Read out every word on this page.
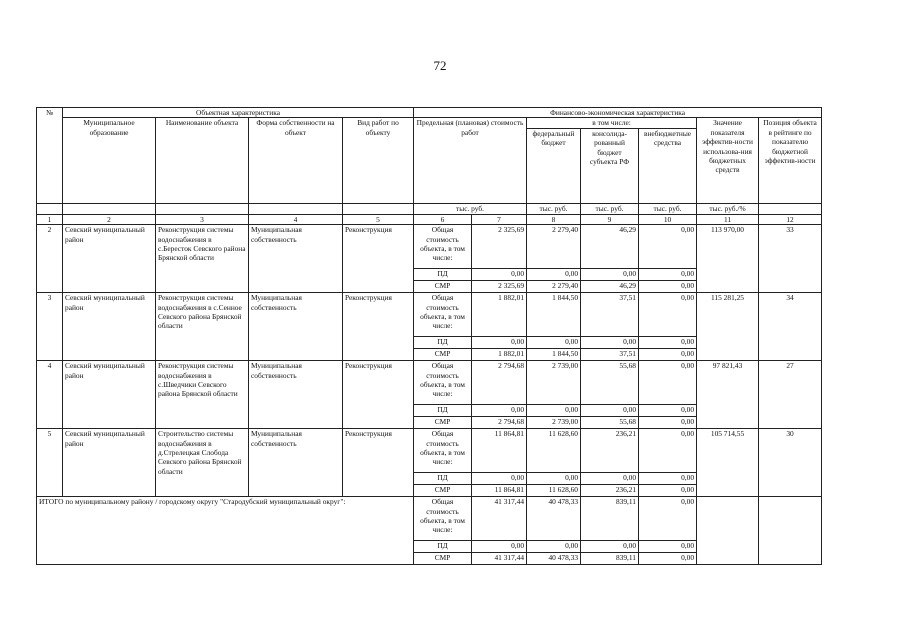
72
№	Объектная характеристика				Финансово-экономическая характеристика						
	Муниципальное образование	Наименование объекта	Форма собственности на объект	Вид работ по объекту	Предельная (плановая) стоимость работ		в том числе:			Значение показателя эффектив-ности использова-ния бюджетных средств	Позиция объекта в рейтинге по показателю бюджетной эффектив-ности
							федеральный бюджет	консолида-рованный бюджет субъекта РФ	внебюджетные средства		
					тыс. руб.		тыс. руб.	тыс. руб.	тыс. руб.	тыс. руб./%	
1	2	3	4	5	6	7	8	9	10	11	12
2	Севский муниципальный район	Реконструкция системы водоснабжения в с.Бересток Севского района Брянской области	Муниципальная собственность	Реконструкция	Общая стоимость объекта, в том числе:	2 325,69	2 279,40	46,29	0,00	113 970,00	33
					ПД	0,00	0,00	0,00	0,00		
					СМР	2 325,69	2 279,40	46,29	0,00		
3	Севский муниципальный район	Реконструкция системы водоснабжения в с.Сенное Севского района Брянской области	Муниципальная собственность	Реконструкция	Общая стоимость объекта, в том числе:	1 882,01	1 844,50	37,51	0,00	115 281,25	34
					ПД	0,00	0,00	0,00	0,00		
					СМР	1 882,01	1 844,50	37,51	0,00		
4	Севский муниципальный район	Реконструкция системы водоснабжения в с.Шведчики Севского района Брянской области	Муниципальная собственность	Реконструкция	Общая стоимость объекта, в том числе:	2 794,68	2 739,00	55,68	0,00	97 821,43	27
					ПД	0,00	0,00	0,00	0,00		
					СМР	2 794,68	2 739,00	55,68	0,00		
5	Севский муниципальный район	Строительство системы водоснабжения в д.Стрелецкая Слобода Севского района Брянской области	Муниципальная собственность	Реконструкция	Общая стоимость объекта, в том числе:	11 864,81	11 628,60	236,21	0,00	105 714,55	30
					ПД	0,00	0,00	0,00	0,00		
					СМР	11 864,81	11 628,60	236,21	0,00		
ИТОГО по муниципальному району / городскому округу "Стародубский муниципальный округ":					Общая стоимость объекта, в том числе:	41 317,44	40 478,33	839,11	0,00		
					ПД	0,00	0,00	0,00	0,00		
					СМР	41 317,44	40 478,33	839,11	0,00		
